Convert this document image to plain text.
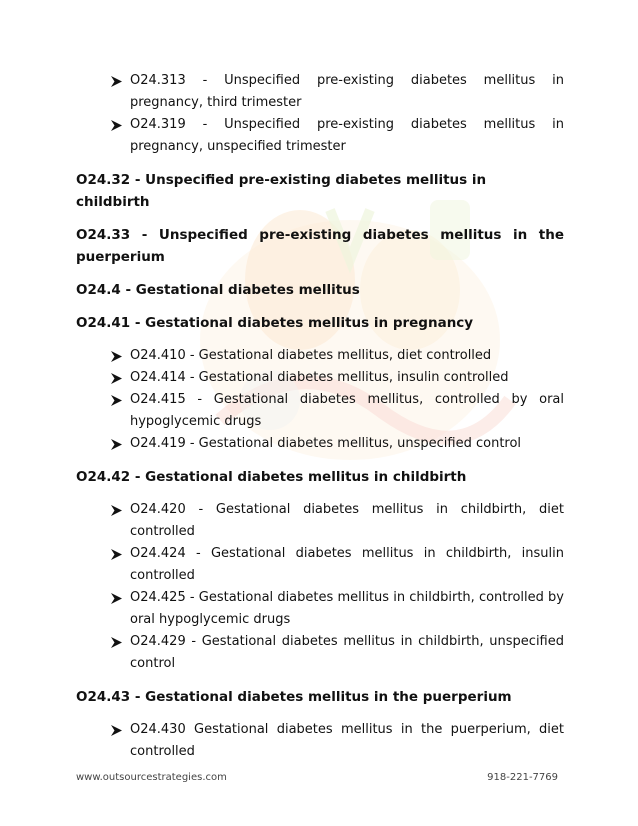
O24.313 - Unspecified pre-existing diabetes mellitus in pregnancy, third trimester
O24.319 - Unspecified pre-existing diabetes mellitus in pregnancy, unspecified trimester

O24.32 - Unspecified pre-existing diabetes mellitus in childbirth

O24.33 - Unspecified pre-existing diabetes mellitus in the puerperium

O24.4 - Gestational diabetes mellitus

O24.41 - Gestational diabetes mellitus in pregnancy

O24.410 - Gestational diabetes mellitus, diet controlled
O24.414 - Gestational diabetes mellitus, insulin controlled
O24.415 - Gestational diabetes mellitus, controlled by oral hypoglycemic drugs
O24.419 - Gestational diabetes mellitus, unspecified control

O24.42 - Gestational diabetes mellitus in childbirth

O24.420 - Gestational diabetes mellitus in childbirth, diet controlled
O24.424 - Gestational diabetes mellitus in childbirth, insulin controlled
O24.425 - Gestational diabetes mellitus in childbirth, controlled by oral hypoglycemic drugs
O24.429 - Gestational diabetes mellitus in childbirth, unspecified control

O24.43 - Gestational diabetes mellitus in the puerperium

O24.430 Gestational diabetes mellitus in the puerperium, diet controlled
www.outsourcestrategies.com	918-221-7769
